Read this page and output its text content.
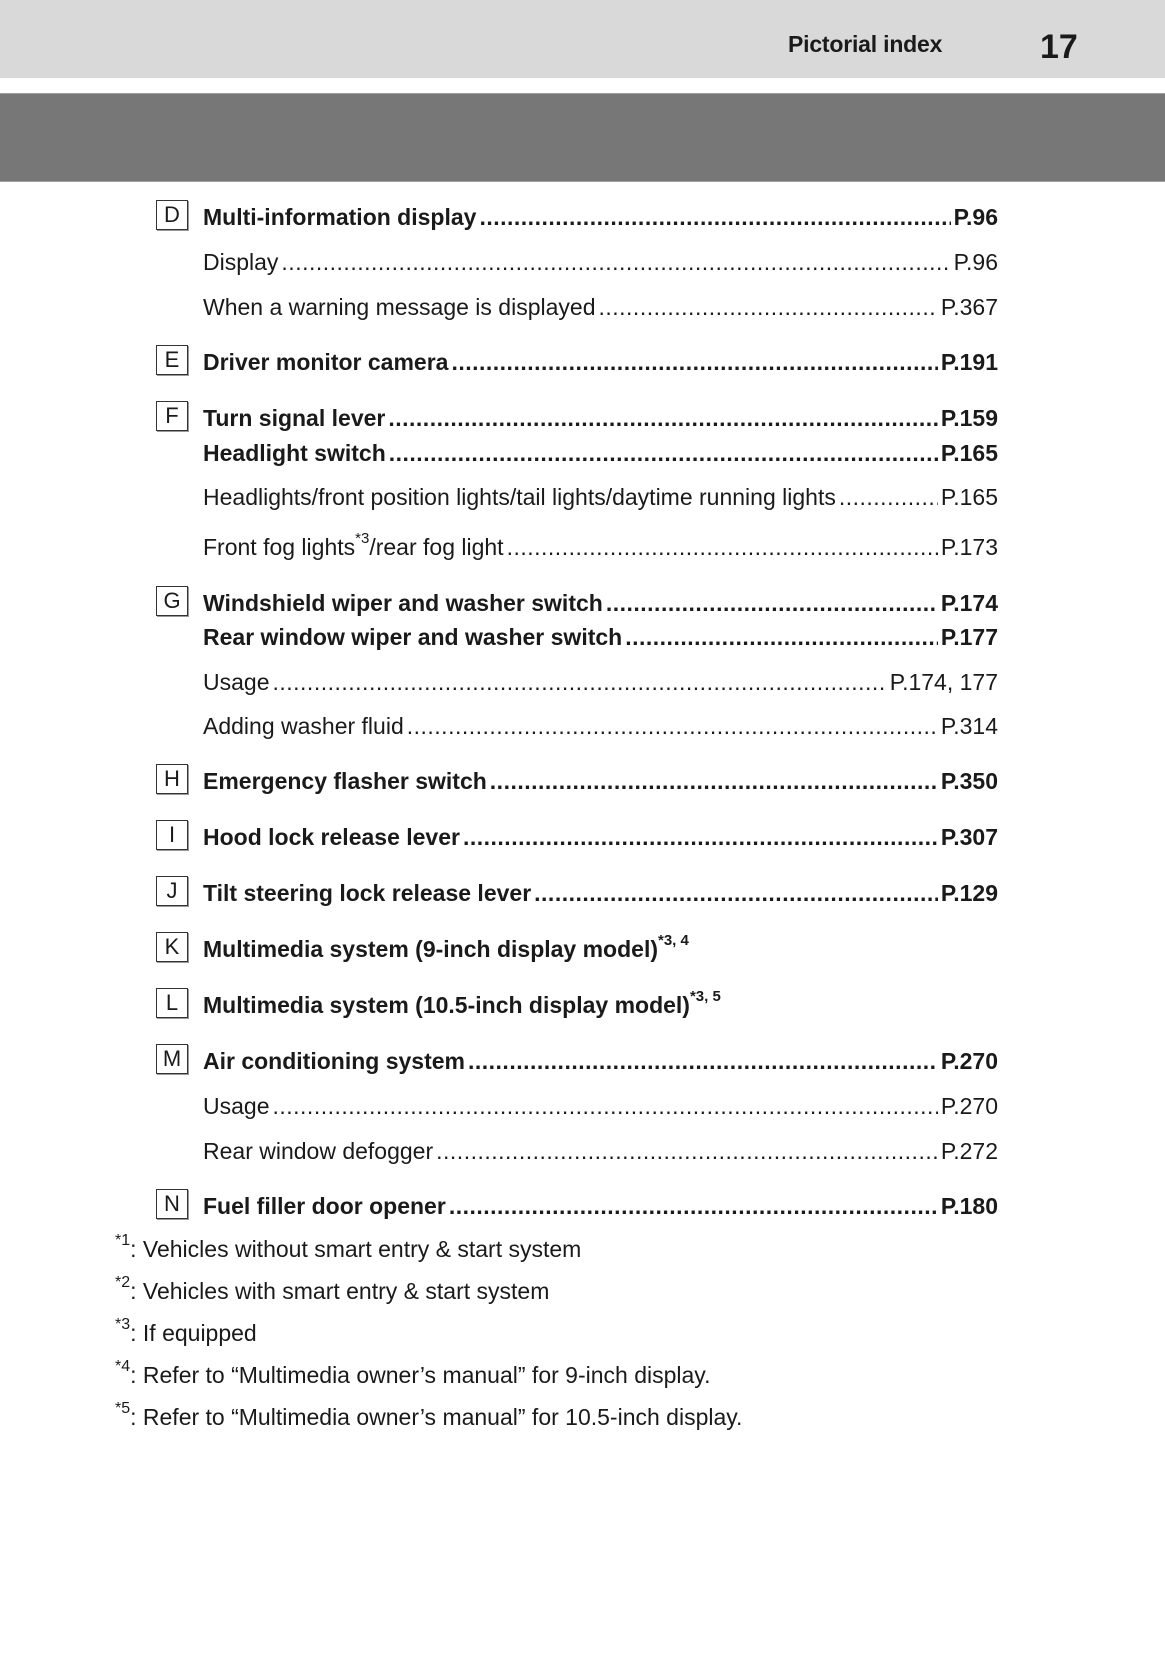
Pictorial index	17
D	Multi-information display .....	P.96
Display .....	P.96
When a warning message is displayed .....	P.367
E	Driver monitor camera .....	P.191
F	Turn signal lever .....	P.159
Headlight switch .....	P.165
Headlights/front position lights/tail lights/daytime running lights .....	P.165
Front fog lights$^{*3}$/rear fog light .....	P.173
G Windshield wiper and washer switch .....	P.174
Rear window wiper and washer switch .....	P.177
Usage .....	P.174, 177
Adding washer fluid .....	P.314
H	Emergency flasher switch .....	P.350
I	Hood lock release lever .....	P.307
J	Tilt steering lock release lever .....	P.129
K	Multimedia system (9-inch display model)$^{*3, 4}$
L	Multimedia system (10.5-inch display model)$^{*3, 5}$
M Air conditioning system .....	P.270
Usage .....	P.270
Rear window defogger .....	P.272
N	Fuel filler door opener .....	P.180
$^{*1}$: Vehicles without smart entry & start system
$^{*2}$: Vehicles with smart entry & start system
$^{*3}$: If equipped
$^{*4}$: Refer to “Multimedia owner’s manual” for 9-inch display.
$^{*5}$: Refer to “Multimedia owner’s manual” for 10.5-inch display.
